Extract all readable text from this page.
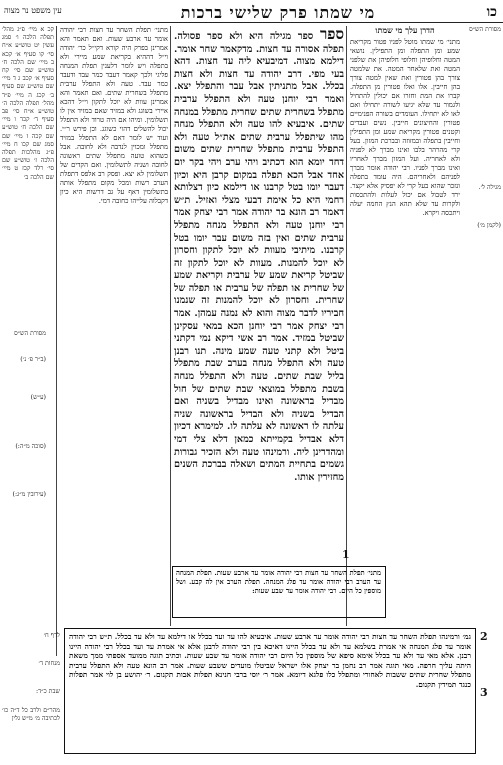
עין משפט נר מצוה	מי שמתו פרק שלישי ברכות	כו

קכ א מיי׳ פ״ג מהל׳ תפלה הלכה ו׳ סמג עשין יט טוש״ע א״ח סי׳ קו סעיף א׳ קכא ב מיי׳ שם הלכה ח׳ טוש״ע שם סי׳ קח סעיף א׳ קכב ג ד מיי׳ שם טוש״ע שם סעיף ב׳ קכג ה מיי׳ פ״ד מהל׳ תפלה הלכה ה׳ טוש״ע א״ח סי׳ פב סעיף ד׳ קכד ו מיי׳ שם הלכה ח׳ טוש״ע שם קכה ז מיי׳ שם סמג שם קכו ח מיי׳ פ״ג מהלכות תפלה הלכה ז׳ טוש״ע שם סי׳ רלד קכז ט מיי׳ שם הלכה ב׳

מסורת הש״ס

(ב״ר פ׳ נ׳)

(ע״ש)

(סוכה מ״ה:)

(עירובין מ״ג:)

מתני׳ תפלת השחר עד חצות רבי יהודה אומר עד ארבע שעות. ואם תאמר והא אמרינן בפרק היה קורא דקי״ל כר׳ יהודה וי״ל דההיא בקריאת שמע מיירי ולא בתפלה ויש לומר דלענין תפלת המנחה פליגי ולכך קאמר דעבד כמר עבד ודעבד כמר עבד. טעה ולא התפלל ערבית מתפלל בשחרית שתים. ואם תאמר והא אמרינן עוות לא יוכל לתקון וי״ל דהכא איירי בשוגג ולא במזיד שאם במזיד אין לו תשלומין. ומיהו אם היה טרוד ולא התפלל יכול להשלים דהוי כשוגג. וכן פירש ר״י. ועוד יש לומר דאם לא התפלל במזיד מתפלל ומכוין לנדבה ולא לחובה. אבל כשהוא טועה מתפלל שתים ראשונה לחובה ושניה לתשלומין. ואם הקדים של תשלומין לא יצא. ופסק רב אלפס דתפלת הערב רשות ומכל מקום מתפלל אותה בתשלומין דאף על גב דרשות היא כיון דקבלוה עלייהו כחובה דמי.

ספר ספר מגילה היא ולא ספר פסולה. תפלה אסורה עד חצות. מדקאמר שחר אומר. דילמא מצוה. דמיבעיא ליה עד חצות. דהא בעי מפי. דרב יהודה עד חצות ולא חצות בכלל. אבל מתניתין אבל עבר והתפלל יצא. ואמר רבי יוחנן טעה ולא התפלל ערבית מתפלל בשחרית שתים שחרית מתפלל במנחה שתים. איבעיא להו טעה ולא התפלל מנחה מהו שיתפלל ערבית שתים את״ל טעה ולא התפלל ערבית מתפלל שחרית שתים משום דחד יומא הוא דכתיב ויהי ערב ויהי בקר יום אחד אבל הכא תפלה במקום קרבן היא וכיון דעבר יומו בטל קרבנו או דילמא כיון דצלותא רחמי היא כל אימת דבעי מצלי ואזיל. ת״ש דאמר רב הונא בר יהודה אמר רבי יצחק אמר רבי יוחנן טעה ולא התפלל מנחה מתפלל ערבית שתים ואין בזה משום עבר יומו בטל קרבנו. מיתיבי מעוות לא יוכל לתקון וחסרון לא יוכל להמנות. מעוות לא יוכל לתקון זה שביטל קריאת שמע של ערבית וקריאת שמע של שחרית או תפלה של ערבית או תפלה של שחרית. וחסרון לא יוכל להמנות זה שנמנו חביריו לדבר מצוה והוא לא נמנה עמהן. אמר רבי יצחק אמר רבי יוחנן הכא במאי עסקינן שביטל במזיד. אמר רב אשי דיקא נמי דקתני ביטל ולא קתני טעה שמע מינה. תנו רבנן טעה ולא התפלל מנחה בערב שבת מתפלל בליל שבת שתים. טעה ולא התפלל מנחה בשבת מתפלל במוצאי שבת שתים של חול מבדיל בראשונה ואינו מבדיל בשניה ואם הבדיל בשניה ולא הבדיל בראשונה שניה עלתה לו ראשונה לא עלתה לו. למימרא דכיון דלא אבדיל בקמייתא כמאן דלא צלי דמי ומהדרינן ליה. ורמינהו טעה ולא הזכיר גבורות גשמים בתחיית המתים ושאלה בברכת השנים מחזירין אותו.

הדרן עלך מי שמתו

מתני׳ מי שמתו מוטל לפניו פטור מקריאת שמע ומן התפלה ומן התפילין. נושאי המטה וחלופיהן וחלופי חלופיהן את שלפני המטה ואת שלאחר המטה. את שלמטה צורך בהן פטורין ואת שאין למטה צורך בהן חייבין. אלו ואלו פטורין מן התפלה. קברו את המת וחזרו אם יכולין להתחיל ולגמור עד שלא יגיעו לשורה יתחילו ואם לאו לא יתחילו. העומדים בשורה הפנימיים פטורין והחיצונים חייבין. נשים ועבדים וקטנים פטורין מקריאת שמע ומן התפילין וחייבין בתפלה ובמזוזה ובברכת המזון. בעל קרי מהרהר בלבו ואינו מברך לא לפניה ולא לאחריה. ועל המזון מברך לאחריו ואינו מברך לפניו. רבי יהודה אומר מברך לפניהם ולאחריהם. היה עומד בתפלה ונזכר שהוא בעל קרי לא יפסיק אלא יקצר. ירד לטבול אם יכול לעלות ולהתכסות ולקרות עד שלא תהא הנץ החמה יעלה ויתכסה ויקרא.

מסורת הש״ס

מגילה ל׳.

(לקמן מ׳)

מתני׳ תפלת השחר עד חצות רבי יהודה אומר עד ארבע שעות. תפלת המנחה עד הערב רבי יהודה אומר עד פלג המנחה. תפלת הערב אין לה קבע. ושל מוספין כל היום. רבי יהודה אומר עד שבע שעות:
גמ׳ ורמינהו תפלת השחר עד חצות רבי יהודה אומר עד ארבע שעות. איבעיא להו עד ועד בכלל או דילמא עד ולא עד בכלל. ת״ש רבי יהודה אומר עד פלג המנחה אי אמרת בשלמא עד ולא עד בכלל היינו דאיכא בין רבי יהודה לרבנן אלא אי אמרת עד ועד בכלל רבי יהודה היינו רבנן. אלא מאי עד ולא עד בכלל אימא סיפא של מוספין כל היום רבי יהודה אומר עד שבע שעות. וכתיב תוגה ממועד אספתי ממך משאת היתה עליך חרפה. מאי תוגה אמר רב נחמן בר יצחק אלו ישראל שביטלו מועדים ששבע שעות. אמר רב הונא טעה ולא התפלל ערבית מתפלל שחרית שתים ששבות לאחורי ומתפלל כלו פלגא דיומא. אמר ר׳ יוסי ברבי חנינא תפלות אבות תקנום. ר׳ יהושע בן לוי אמר תפלות כנגד תמידין תקנום.
2
3
1

לדף ח׳

מנחות ד׳

שבת כ״ד:

מהר״ם ולרב כל ד״ה כו׳ לכתיבה מ׳ מ״ש גלין
